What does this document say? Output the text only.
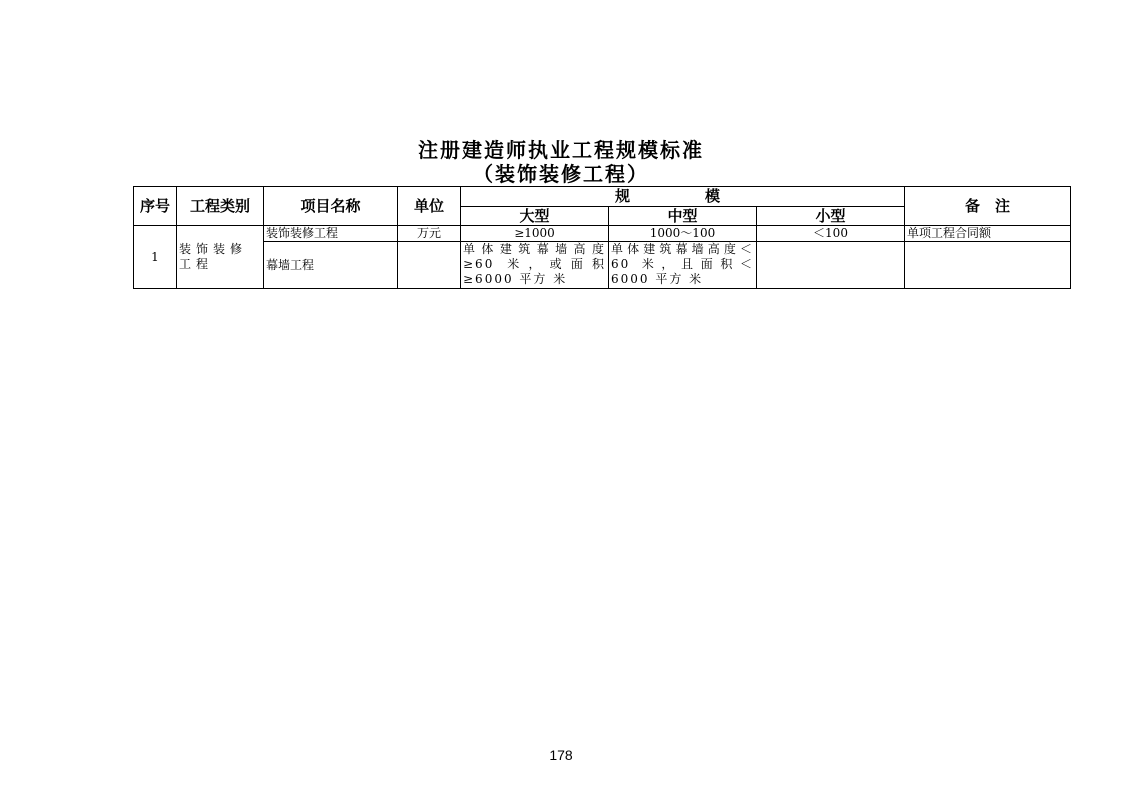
注册建造师执业工程规模标准
（装饰装修工程）
序号	工程类别	项目名称	单位	规　模			备　注
				大型	中型	小型	
1	装饰装修工程	装饰装修工程	万元	≥1000	1000～100	＜100	单项工程合同额
		幕墙工程		单体建筑幕墙高度≥60 米，或面积≥6000 平方 米	单体建筑幕墙高度＜60 米，且面积＜6000 平方 米		
178
